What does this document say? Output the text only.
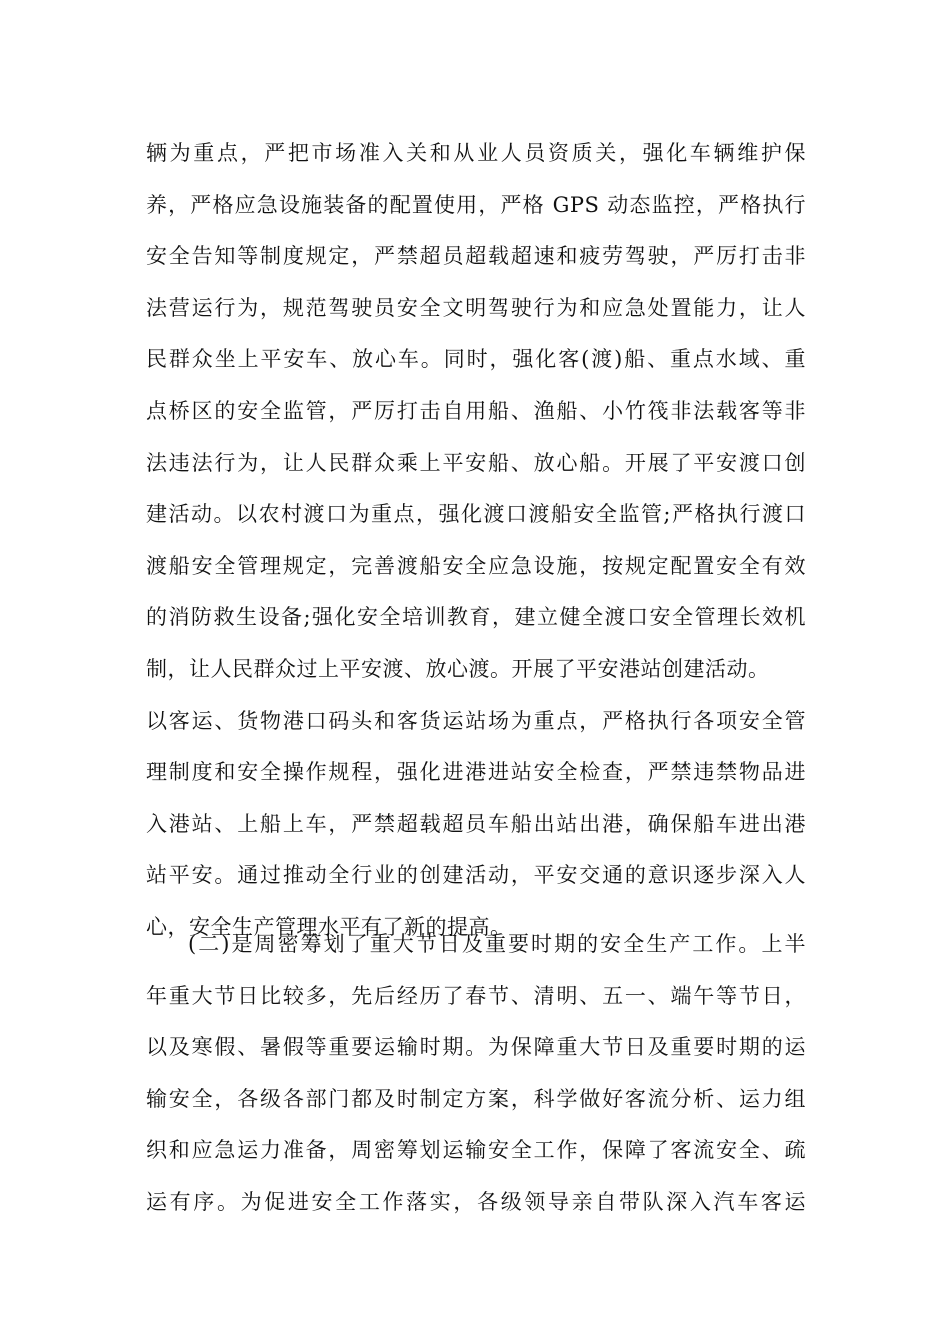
辆为重点，严把市场准入关和从业人员资质关，强化车辆维护保
养，严格应急设施装备的配置使用，严格 GPS 动态监控，严格执行
安全告知等制度规定，严禁超员超载超速和疲劳驾驶，严厉打击非
法营运行为，规范驾驶员安全文明驾驶行为和应急处置能力，让人
民群众坐上平安车、放心车。同时，强化客(渡)船、重点水域、重
点桥区的安全监管，严厉打击自用船、渔船、小竹筏非法载客等非
法违法行为，让人民群众乘上平安船、放心船。开展了平安渡口创
建活动。以农村渡口为重点，强化渡口渡船安全监管;严格执行渡口
渡船安全管理规定，完善渡船安全应急设施，按规定配置安全有效
的消防救生设备;强化安全培训教育，建立健全渡口安全管理长效机
制，让人民群众过上平安渡、放心渡。开展了平安港站创建活动。
以客运、货物港口码头和客货运站场为重点，严格执行各项安全管
理制度和安全操作规程，强化进港进站安全检查，严禁违禁物品进
入港站、上船上车，严禁超载超员车船出站出港，确保船车进出港
站平安。通过推动全行业的创建活动，平安交通的意识逐步深入人
心，安全生产管理水平有了新的提高。
(二)是周密筹划了重大节日及重要时期的安全生产工作。上半
年重大节日比较多，先后经历了春节、清明、五一、端午等节日，
以及寒假、暑假等重要运输时期。为保障重大节日及重要时期的运
输安全，各级各部门都及时制定方案，科学做好客流分析、运力组
织和应急运力准备，周密筹划运输安全工作，保障了客流安全、疏
运有序。为促进安全工作落实，各级领导亲自带队深入汽车客运
